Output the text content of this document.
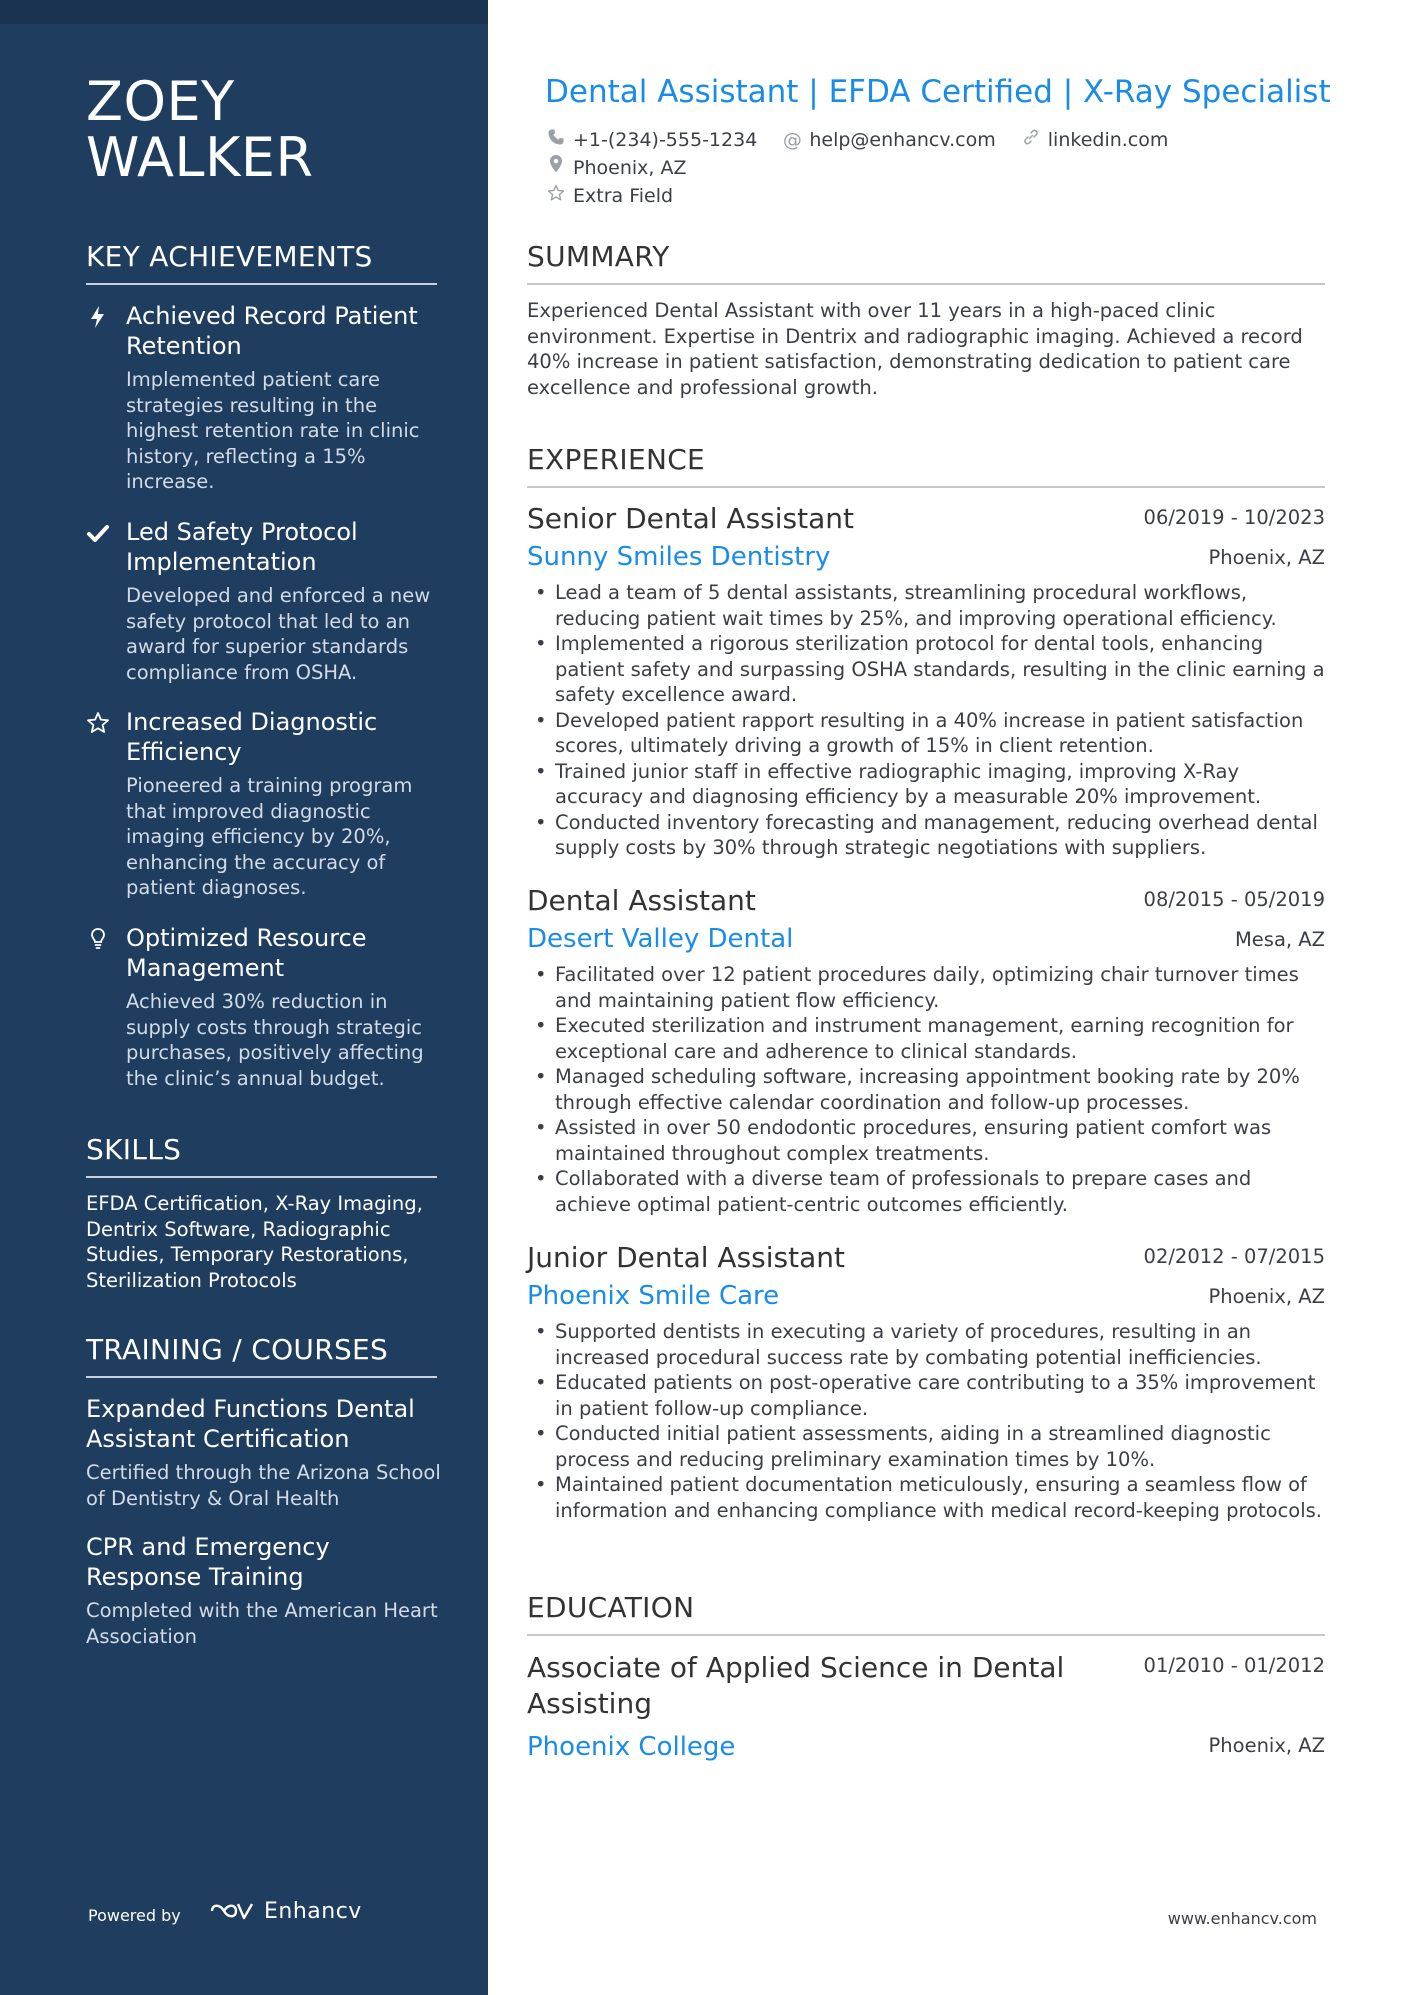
ZOEY
WALKER
KEY ACHIEVEMENTS
Achieved Record Patient Retention
Implemented patient care strategies resulting in the highest retention rate in clinic history, reflecting a 15% increase.
Led Safety Protocol Implementation
Developed and enforced a new safety protocol that led to an award for superior standards compliance from OSHA.
Increased Diagnostic Efficiency
Pioneered a training program that improved diagnostic imaging efficiency by 20%, enhancing the accuracy of patient diagnoses.
Optimized Resource Management
Achieved 30% reduction in supply costs through strategic purchases, positively affecting the clinic’s annual budget.
SKILLS
EFDA Certification, X-Ray Imaging, Dentrix Software, Radiographic Studies, Temporary Restorations, Sterilization Protocols
TRAINING / COURSES
Expanded Functions Dental Assistant Certification
Certified through the Arizona School of Dentistry & Oral Health
CPR and Emergency Response Training
Completed with the American Heart Association
Powered by	Enhancv
Dental Assistant | EFDA Certified | X-Ray Specialist
+1-(234)-555-1234
@ help@enhancv.com
	linkedin.com

Phoenix, AZ

Extra Field
SUMMARY
Experienced Dental Assistant with over 11 years in a high-paced clinic environment. Expertise in Dentrix and radiographic imaging. Achieved a record 40% increase in patient satisfaction, demonstrating dedication to patient care excellence and professional growth.
EXPERIENCE
Senior Dental Assistant	06/2019 - 10/2023
Sunny Smiles Dentistry	Phoenix, AZ
• Lead a team of 5 dental assistants, streamlining procedural workflows, reducing patient wait times by 25%, and improving operational efficiency.
• Implemented a rigorous sterilization protocol for dental tools, enhancing patient safety and surpassing OSHA standards, resulting in the clinic earning a safety excellence award.
• Developed patient rapport resulting in a 40% increase in patient satisfaction scores, ultimately driving a growth of 15% in client retention.
• Trained junior staff in effective radiographic imaging, improving X-Ray accuracy and diagnosing efficiency by a measurable 20% improvement.
• Conducted inventory forecasting and management, reducing overhead dental supply costs by 30% through strategic negotiations with suppliers.
Dental Assistant	08/2015 - 05/2019
Desert Valley Dental	Mesa, AZ
• Facilitated over 12 patient procedures daily, optimizing chair turnover times and maintaining patient flow efficiency.
• Executed sterilization and instrument management, earning recognition for exceptional care and adherence to clinical standards.
• Managed scheduling software, increasing appointment booking rate by 20% through effective calendar coordination and follow-up processes.
• Assisted in over 50 endodontic procedures, ensuring patient comfort was maintained throughout complex treatments.
• Collaborated with a diverse team of professionals to prepare cases and achieve optimal patient-centric outcomes efficiently.
Junior Dental Assistant	02/2012 - 07/2015
Phoenix Smile Care	Phoenix, AZ
• Supported dentists in executing a variety of procedures, resulting in an increased procedural success rate by combating potential inefficiencies.
• Educated patients on post-operative care contributing to a 35% improvement in patient follow-up compliance.
• Conducted initial patient assessments, aiding in a streamlined diagnostic process and reducing preliminary examination times by 10%.
• Maintained patient documentation meticulously, ensuring a seamless flow of information and enhancing compliance with medical record-keeping protocols.
EDUCATION
Associate of Applied Science in Dental Assisting
01/2010 - 01/2012
Phoenix College	Phoenix, AZ
www.enhancv.com
